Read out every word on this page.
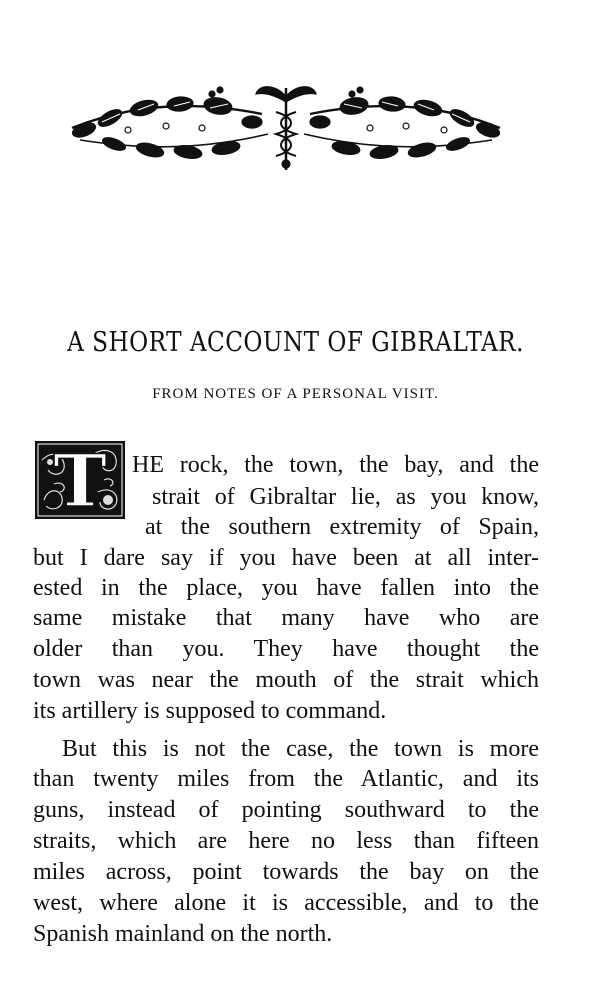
A SHORT ACCOUNT OF GIBRALTAR.
FROM NOTES OF A PERSONAL VISIT.
T HE rock, the town, the bay, and the
strait of Gibraltar lie, as you know,
at the southern extremity of Spain,
but I dare say if you have been at all inter-
ested in the place, you have fallen into the
same mistake that many have who are
older than you. They have thought the
town was near the mouth of the strait which
its artillery is supposed to command.
But this is not the case, the town is more
than twenty miles from the Atlantic, and its
guns, instead of pointing southward to the
straits, which are here no less than fifteen
miles across, point towards the bay on the
west, where alone it is accessible, and to the
Spanish mainland on the north.
